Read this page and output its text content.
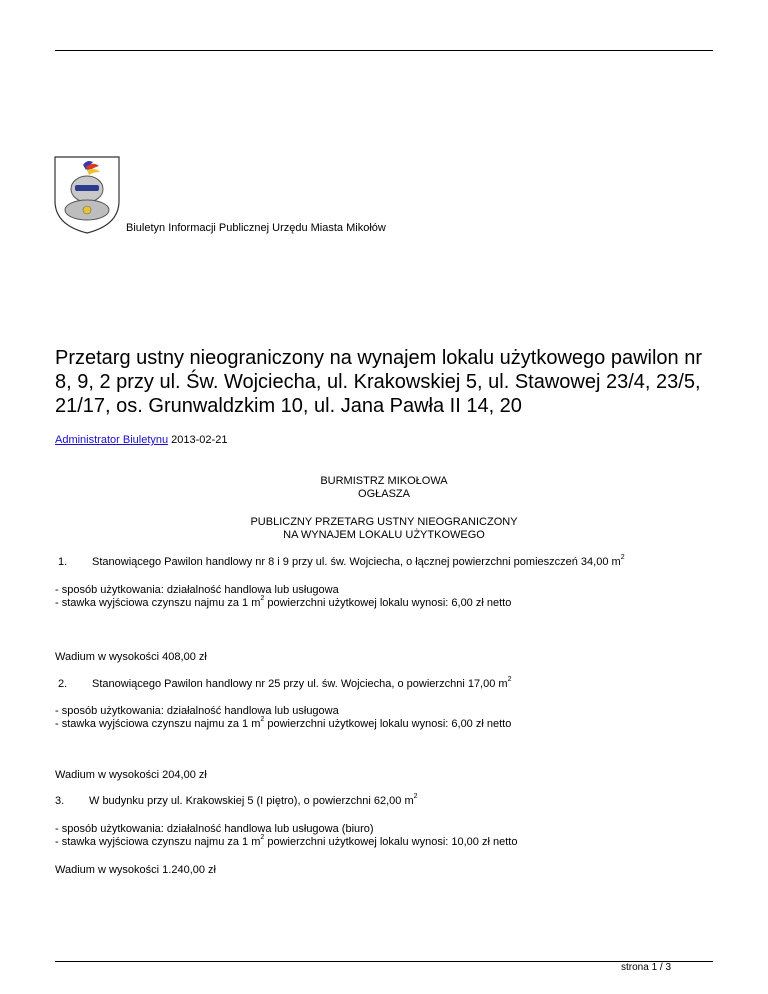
Biuletyn Informacji Publicznej Urzędu Miasta Mikołów
Przetarg ustny nieograniczony na wynajem lokalu użytkowego pawilon nr 8, 9, 2 przy ul. Św. Wojciecha, ul. Krakowskiej 5, ul. Stawowej 23/4, 23/5, 21/17, os. Grunwaldzkim 10, ul. Jana Pawła II 14, 20
Administrator Biuletynu 2013-02-21
BURMISTRZ MIKOŁOWA
OGŁASZA
PUBLICZNY PRZETARG USTNY NIEOGRANICZONY
NA WYNAJEM LOKALU UŻYTKOWEGO
1. Stanowiącego Pawilon handlowy nr 8 i 9 przy ul. św. Wojciecha, o łącznej powierzchni pomieszczeń 34,00 $m^2$
- sposób użytkowania: działalność handlowa lub usługowa
- stawka wyjściowa czynszu najmu za 1 $m^2$ powierzchni użytkowej lokalu wynosi: 6,00 zł netto
Wadium w wysokości 408,00 zł
2. Stanowiącego Pawilon handlowy nr 25 przy ul. św. Wojciecha, o powierzchni 17,00 $m^2$
- sposób użytkowania: działalność handlowa lub usługowa
- stawka wyjściowa czynszu najmu za 1 $m^2$ powierzchni użytkowej lokalu wynosi: 6,00 zł netto
Wadium w wysokości 204,00 zł
3. W budynku przy ul. Krakowskiej 5 (I piętro), o powierzchni 62,00 $m^2$
- sposób użytkowania: działalność handlowa lub usługowa (biuro)
- stawka wyjściowa czynszu najmu za 1 $m^2$ powierzchni użytkowej lokalu wynosi: 10,00 zł netto
Wadium w wysokości 1.240,00 zł
strona 1 / 3
